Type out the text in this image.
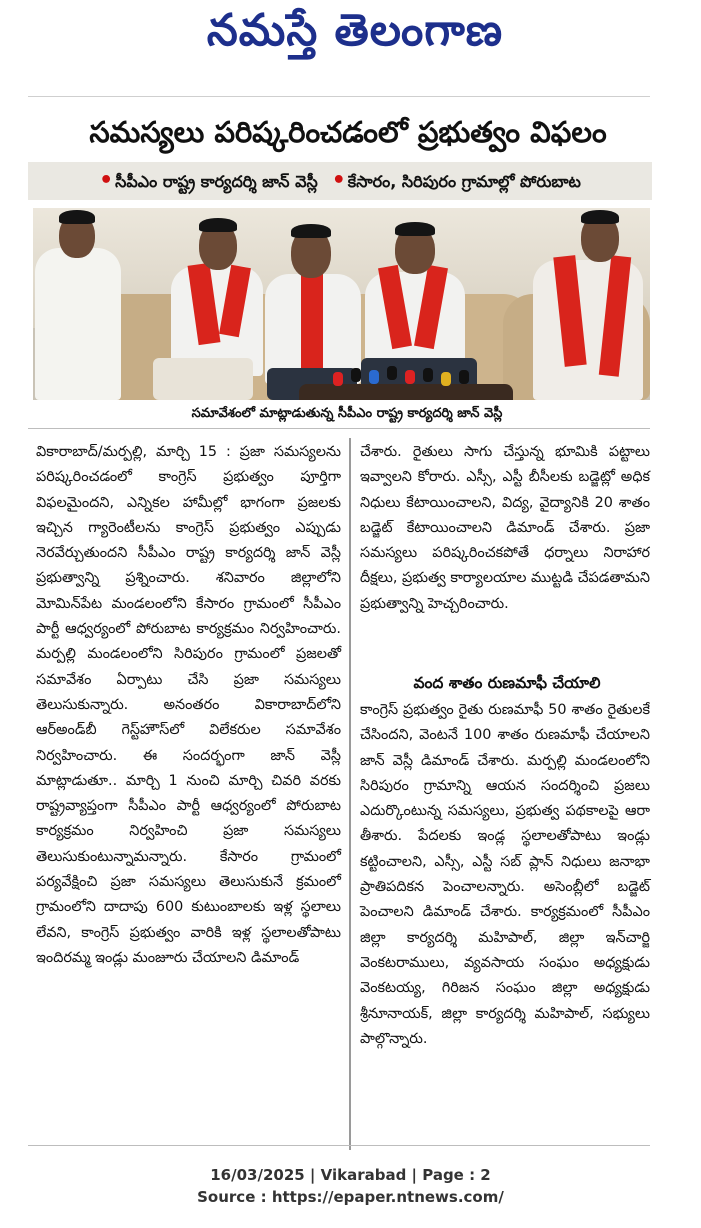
నమస్తే తెలంగాణ
సమస్యలు పరిష్కరించడంలో ప్రభుత్వం విఫలం
• సీపీఎం రాష్ట్ర కార్యదర్శి జాన్ వెస్లీ • కేసారం, సిరిపురం గ్రామాల్లో పోరుబాట
సమావేశంలో మాట్లాడుతున్న సీపీఎం రాష్ట్ర కార్యదర్శి జాన్ వెస్లీ

వికారాబాద్/మర్పల్లి, మార్చి 15 : ప్రజా సమస్యలను పరిష్కరించడంలో కాంగ్రెస్ ప్రభుత్వం పూర్తిగా విఫలమైందని, ఎన్నికల హామీల్లో భాగంగా ప్రజలకు ఇచ్చిన గ్యారెంటీలను కాంగ్రెస్ ప్రభుత్వం ఎప్పుడు నెరవేర్చుతుందని సీపీఎం రాష్ట్ర కార్యదర్శి జాన్ వెస్లీ ప్రభుత్వాన్ని ప్రశ్నించారు. శనివారం జిల్లాలోని మోమిన్‌పేట మండలంలోని కేసారం గ్రామంలో సీపీఎం పార్టీ ఆధ్వర్యంలో పోరుబాట కార్యక్రమం నిర్వహించారు. మర్పల్లి మండలంలోని సిరిపురం గ్రామంలో ప్రజలతో సమావేశం ఏర్పాటు చేసి ప్రజా సమస్యలు తెలుసుకున్నారు. అనంతరం వికారాబాద్‌లోని ఆర్‌అండ్‌బీ గెస్ట్‌హౌస్‌లో విలేకరుల సమావేశం నిర్వహించారు. ఈ సందర్భంగా జాన్ వెస్లీ మాట్లాడుతూ.. మార్చి 1 నుంచి మార్చి చివరి వరకు రాష్ట్రవ్యాప్తంగా సీపీఎం పార్టీ ఆధ్వర్యంలో పోరుబాట కార్యక్రమం నిర్వహించి ప్రజా సమస్యలు తెలుసుకుంటున్నామన్నారు. కేసారం గ్రామంలో పర్యవేక్షించి ప్రజా సమస్యలు తెలుసుకునే క్రమంలో గ్రామంలోని దాదాపు 600 కుటుంబాలకు ఇళ్ల స్థలాలు లేవని, కాంగ్రెస్ ప్రభుత్వం వారికి ఇళ్ల స్థలాలతోపాటు ఇందిరమ్మ ఇండ్లు మంజూరు చేయాలని డిమాండ్

చేశారు. రైతులు సాగు చేస్తున్న భూమికి పట్టాలు ఇవ్వాలని కోరారు. ఎస్సీ, ఎస్టీ బీసీలకు బడ్జెట్లో అధిక నిధులు కేటాయించాలని, విద్య, వైద్యానికి 20 శాతం బడ్జెట్ కేటాయించాలని డిమాండ్ చేశారు. ప్రజా సమస్యలు పరిష్కరించకపోతే ధర్నాలు నిరాహార దీక్షలు, ప్రభుత్వ కార్యాలయాల ముట్టడి చేపడతామని ప్రభుత్వాన్ని హెచ్చరించారు.

వంద శాతం రుణమాఫీ చేయాలి

కాంగ్రెస్ ప్రభుత్వం రైతు రుణమాఫీ 50 శాతం రైతులకే చేసిందని, వెంటనే 100 శాతం రుణమాఫీ చేయాలని జాన్ వెస్లీ డిమాండ్ చేశారు. మర్పల్లి మండలంలోని సిరిపురం గ్రామాన్ని ఆయన సందర్శించి ప్రజలు ఎదుర్కొంటున్న సమస్యలు, ప్రభుత్వ పథకాలపై ఆరా తీశారు. పేదలకు ఇండ్ల స్థలాలతోపాటు ఇండ్లు కట్టించాలని, ఎస్సీ, ఎస్టీ సబ్ ప్లాన్ నిధులు జనాభా ప్రాతిపదికన పెంచాలన్నారు. అసెంబ్లీలో బడ్జెట్ పెంచాలని డిమాండ్ చేశారు. కార్యక్రమంలో సీపీఎం జిల్లా కార్యదర్శి మహిపాల్, జిల్లా ఇన్‌చార్జి వెంకటరాములు, వ్యవసాయ సంఘం అధ్యక్షుడు వెంకటయ్య, గిరిజన సంఘం జిల్లా అధ్యక్షుడు శ్రీనూనాయక్, జిల్లా కార్యదర్శి మహిపాల్, సభ్యులు పాల్గొన్నారు.

16/03/2025 | Vikarabad | Page : 2
Source : https://epaper.ntnews.com/
